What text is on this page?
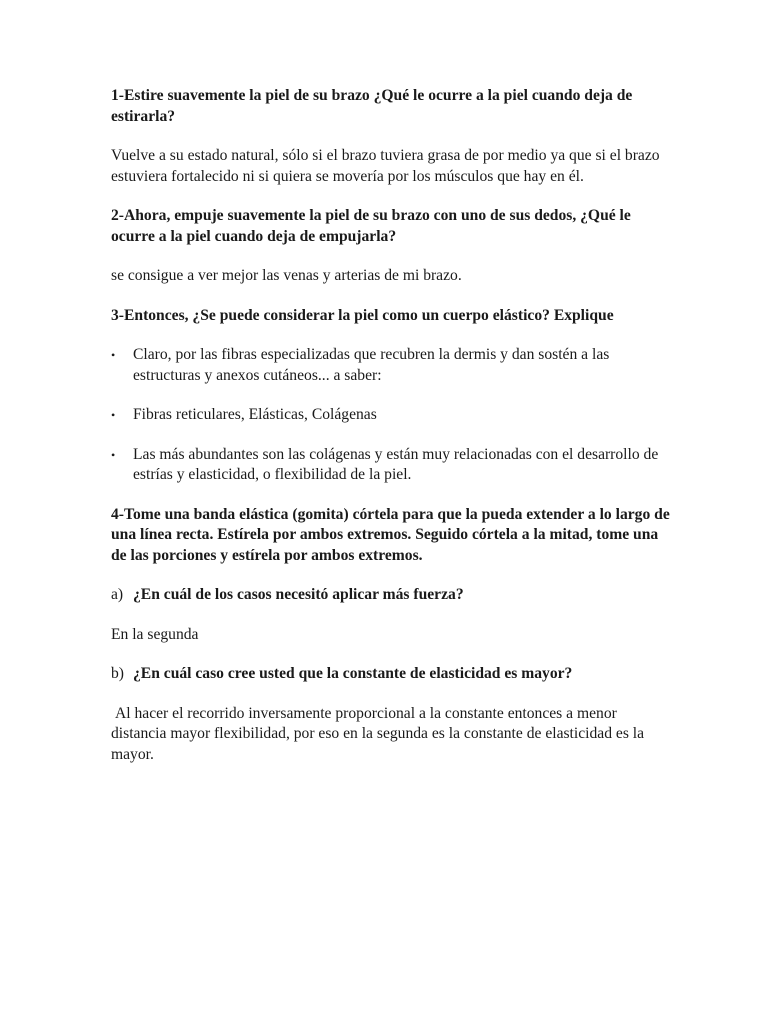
1-Estire suavemente la piel de su brazo ¿Qué le ocurre a la piel cuando deja de estirarla?

Vuelve a su estado natural, sólo si el brazo tuviera grasa de por medio ya que si el brazo estuviera fortalecido ni si quiera se movería por los músculos que hay en él.

2-Ahora, empuje suavemente la piel de su brazo con uno de sus dedos, ¿Qué le ocurre a la piel cuando deja de empujarla?

se consigue a ver mejor las venas y arterias de mi brazo.

3-Entonces, ¿Se puede considerar la piel como un cuerpo elástico? Explique

• Claro, por las fibras especializadas que recubren la dermis y dan sostén a las estructuras y anexos cutáneos... a saber:
• Fibras reticulares, Elásticas, Colágenas
• Las más abundantes son las colágenas y están muy relacionadas con el desarrollo de estrías y elasticidad, o flexibilidad de la piel.

4-Tome una banda elástica (gomita) córtela para que la pueda extender a lo largo de una línea recta. Estírela por ambos extremos. Seguido córtela a la mitad, tome una de las porciones y estírela por ambos extremos.

a) ¿En cuál de los casos necesitó aplicar más fuerza?

En la segunda

b) ¿En cuál caso cree usted que la constante de elasticidad es mayor?

Al hacer el recorrido inversamente proporcional a la constante entonces a menor distancia mayor flexibilidad, por eso en la segunda es la constante de elasticidad es la mayor.
